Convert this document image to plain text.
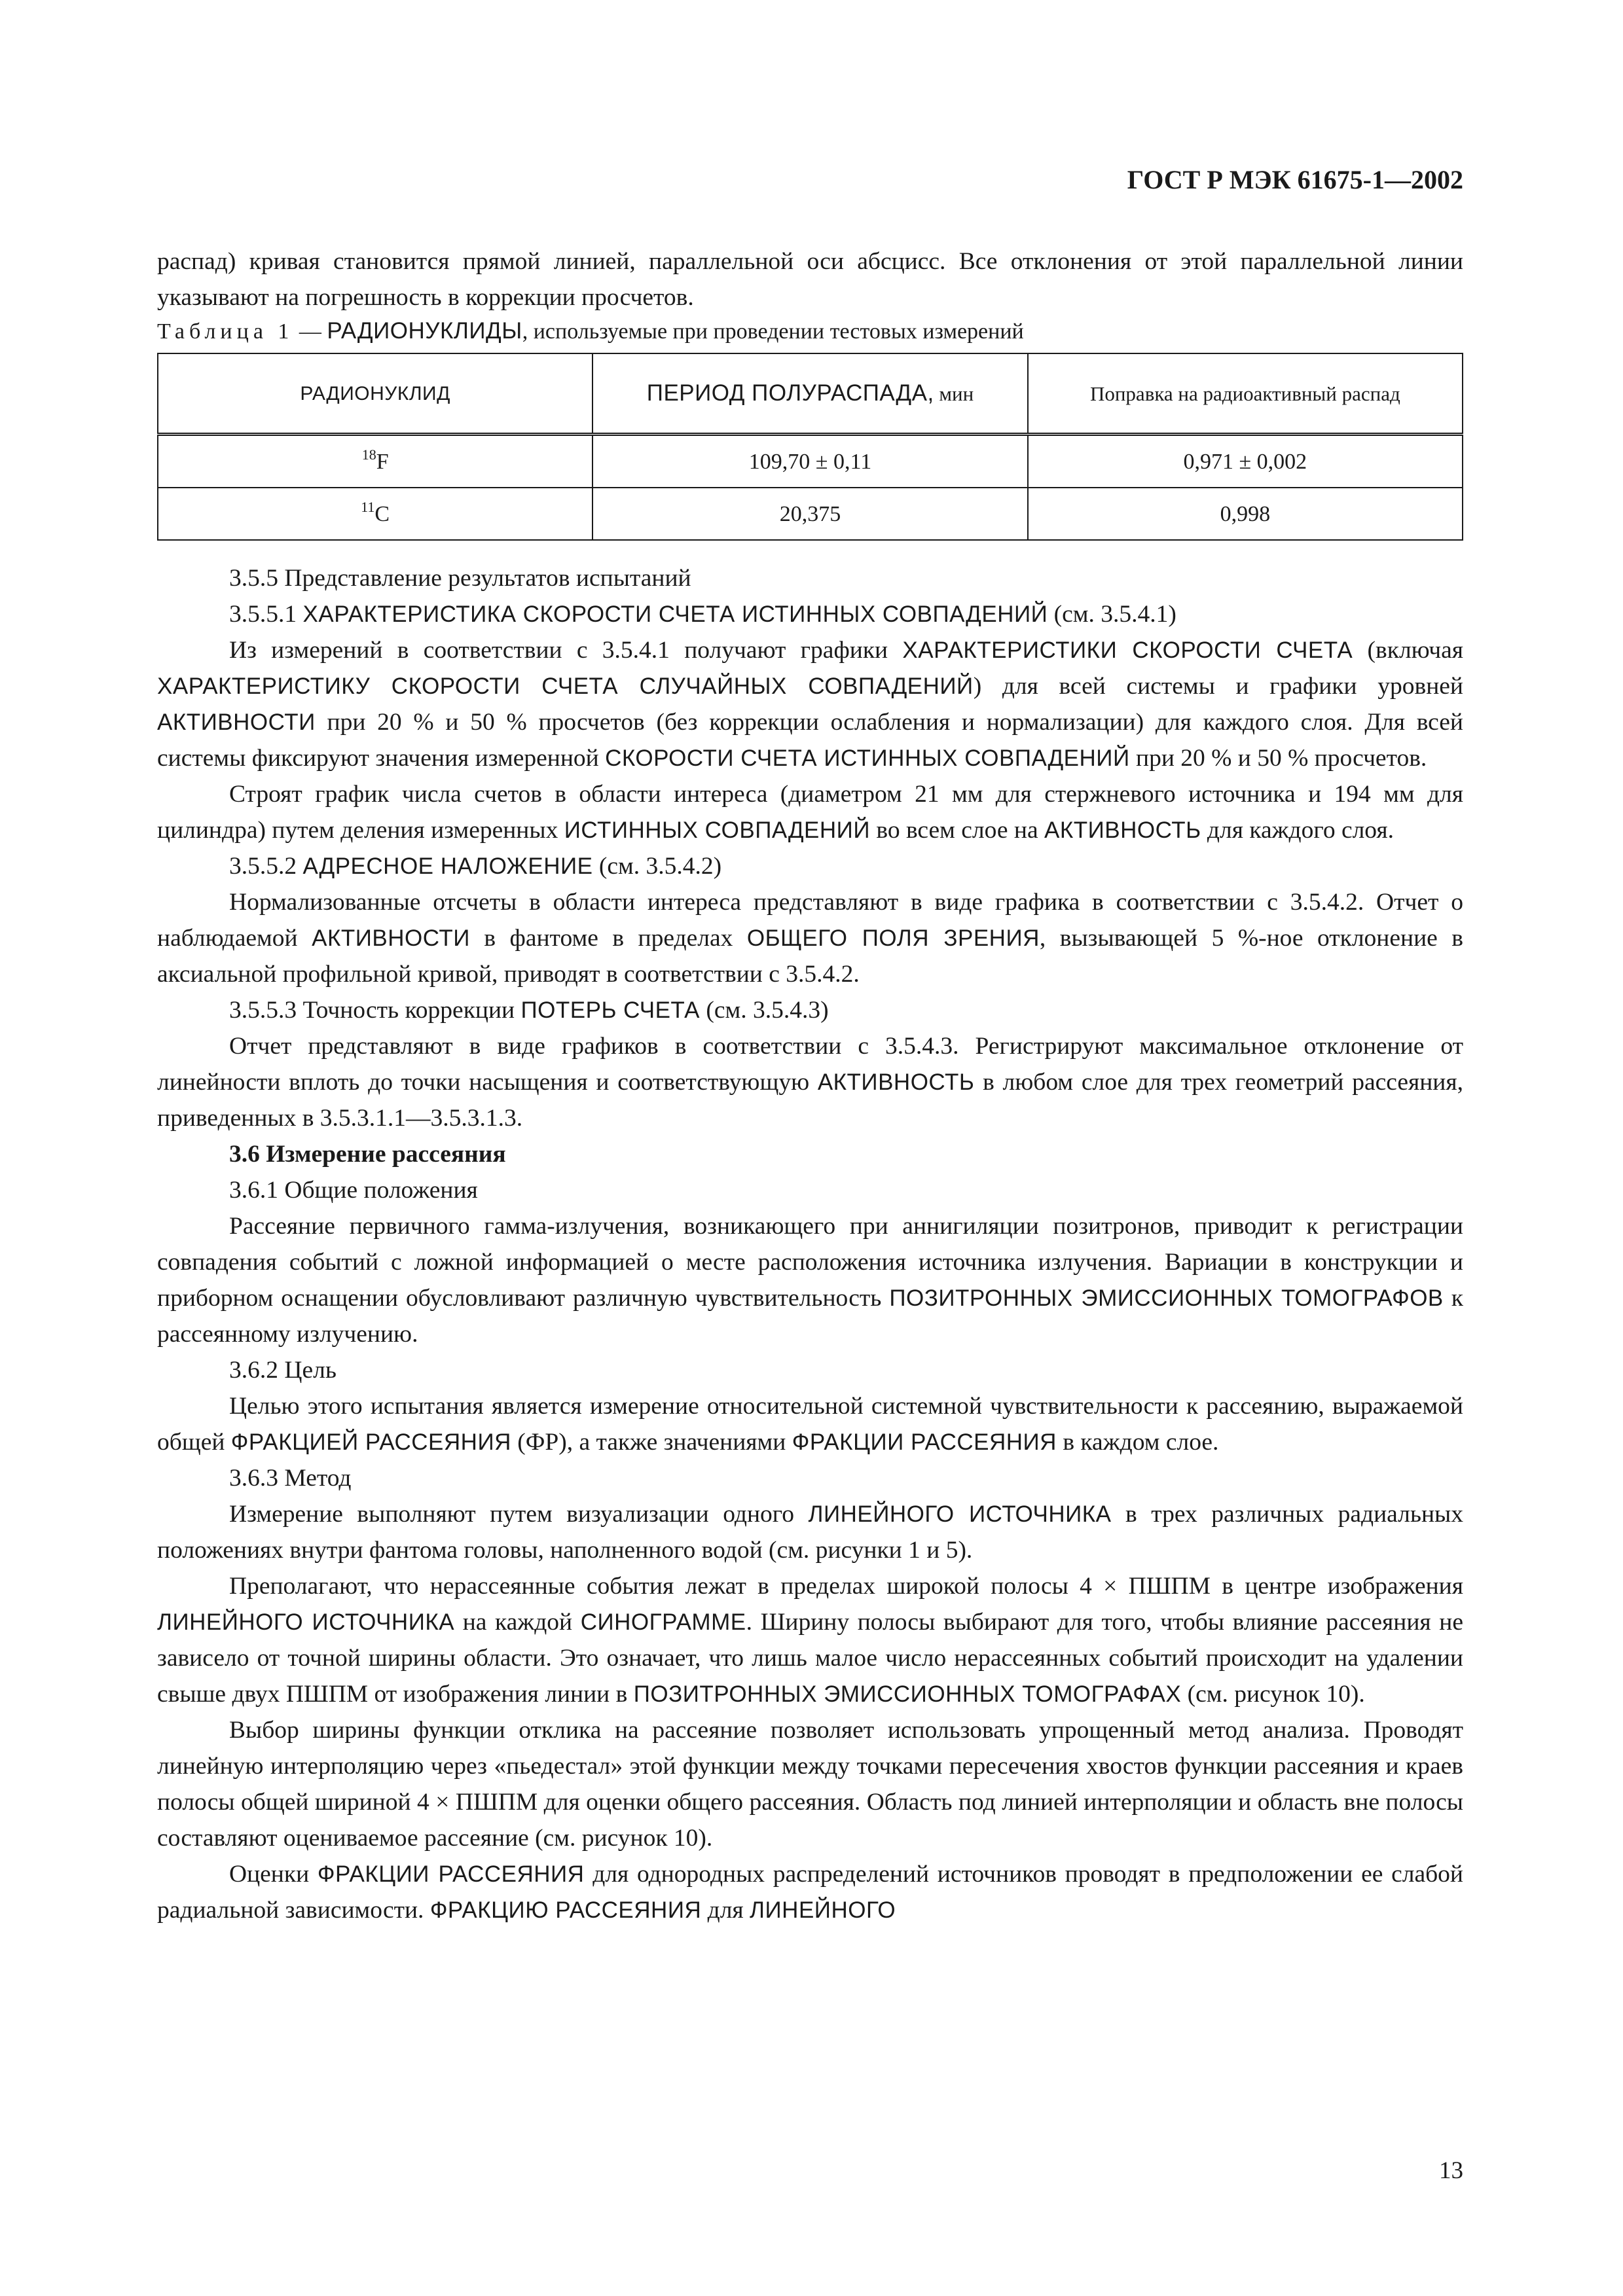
ГОСТ Р МЭК 61675-1—2002

распад) кривая становится прямой линией, параллельной оси абсцисс. Все отклонения от этой параллельной линии указывают на погрешность в коррекции просчетов.

Таблица 1 — РАДИОНУКЛИДЫ, используемые при проведении тестовых измерений

РАДИОНУКЛИД	ПЕРИОД ПОЛУРАСПАДА, мин	Поправка на радиоактивный распад
$^{18}$F	109,70 ± 0,11	0,971 ± 0,002
$^{11}$C	20,375	0,998

3.5.5 Представление результатов испытаний

3.5.5.1 ХАРАКТЕРИСТИКА СКОРОСТИ СЧЕТА ИСТИННЫХ СОВПАДЕНИЙ (см. 3.5.4.1)

Из измерений в соответствии с 3.5.4.1 получают графики ХАРАКТЕРИСТИКИ СКОРОСТИ СЧЕТА (включая ХАРАКТЕРИСТИКУ СКОРОСТИ СЧЕТА СЛУЧАЙНЫХ СОВПАДЕНИЙ) для всей системы и графики уровней АКТИВНОСТИ при 20 % и 50 % просчетов (без коррекции ослабления и нормализации) для каждого слоя. Для всей системы фиксируют значения измеренной СКОРОСТИ СЧЕТА ИСТИННЫХ СОВПАДЕНИЙ при 20 % и 50 % просчетов.

Строят график числа счетов в области интереса (диаметром 21 мм для стержневого источника и 194 мм для цилиндра) путем деления измеренных ИСТИННЫХ СОВПАДЕНИЙ во всем слое на АКТИВНОСТЬ для каждого слоя.

3.5.5.2 АДРЕСНОЕ НАЛОЖЕНИЕ (см. 3.5.4.2)

Нормализованные отсчеты в области интереса представляют в виде графика в соответствии с 3.5.4.2. Отчет о наблюдаемой АКТИВНОСТИ в фантоме в пределах ОБЩЕГО ПОЛЯ ЗРЕНИЯ, вызывающей 5 %-ное отклонение в аксиальной профильной кривой, приводят в соответствии с 3.5.4.2.

3.5.5.3 Точность коррекции ПОТЕРЬ СЧЕТА (см. 3.5.4.3)

Отчет представляют в виде графиков в соответствии с 3.5.4.3. Регистрируют максимальное отклонение от линейности вплоть до точки насыщения и соответствующую АКТИВНОСТЬ в любом слое для трех геометрий рассеяния, приведенных в 3.5.3.1.1—3.5.3.1.3.

3.6 Измерение рассеяния

3.6.1 Общие положения

Рассеяние первичного гамма-излучения, возникающего при аннигиляции позитронов, приводит к регистрации совпадения событий с ложной информацией о месте расположения источника излучения. Вариации в конструкции и приборном оснащении обусловливают различную чувствительность ПОЗИТРОННЫХ ЭМИССИОННЫХ ТОМОГРАФОВ к рассеянному излучению.

3.6.2 Цель

Целью этого испытания является измерение относительной системной чувствительности к рассеянию, выражаемой общей ФРАКЦИЕЙ РАССЕЯНИЯ (ФР), а также значениями ФРАКЦИИ РАССЕЯНИЯ в каждом слое.

3.6.3 Метод

Измерение выполняют путем визуализации одного ЛИНЕЙНОГО ИСТОЧНИКА в трех различных радиальных положениях внутри фантома головы, наполненного водой (см. рисунки 1 и 5).

Преполагают, что нерассеянные события лежат в пределах широкой полосы 4 × ПШПМ в центре изображения ЛИНЕЙНОГО ИСТОЧНИКА на каждой СИНОГРАММЕ. Ширину полосы выбирают для того, чтобы влияние рассеяния не зависело от точной ширины области. Это означает, что лишь малое число нерассеянных событий происходит на удалении свыше двух ПШПМ от изображения линии в ПОЗИТРОННЫХ ЭМИССИОННЫХ ТОМОГРАФАХ (см. рисунок 10).

Выбор ширины функции отклика на рассеяние позволяет использовать упрощенный метод анализа. Проводят линейную интерполяцию через «пьедестал» этой функции между точками пересечения хвостов функции рассеяния и краев полосы общей шириной 4 × ПШПМ для оценки общего рассеяния. Область под линией интерполяции и область вне полосы составляют оцениваемое рассеяние (см. рисунок 10).

Оценки ФРАКЦИИ РАССЕЯНИЯ для однородных распределений источников проводят в предположении ее слабой радиальной зависимости. ФРАКЦИЮ РАССЕЯНИЯ для ЛИНЕЙНОГО

13
